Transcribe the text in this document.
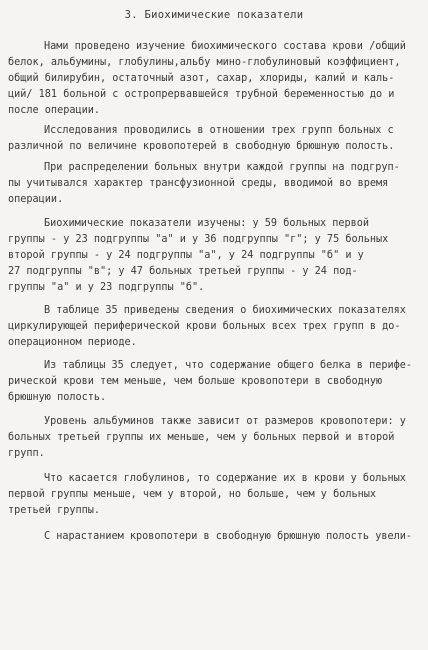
3. Биохимические показатели
Нами проведено изучение биохимического состава крови /общий
белок, альбумины, глобулины,альбу мино-глобулиновый коэффициент,
общий билирубин, остаточный азот, сахар, хлориды, калий и каль-
ций/ 181 больной с остропрервавшейся трубной беременностью до и
после операции.
Исследования проводились в отношении трех групп больных с
различной по величине кровопотерей в свободную брюшную полость.
При распределении больных внутри каждой группы на подгруп-
пы учитывался характер трансфузионной среды, вводимой во время
операции.
Биохимические показатели изучены: у 59 больных первой
группы - у 23 подгруппы "а" и у 36 подгруппы "г"; у 75 больных
второй группы - у 24 подгруппы "а", у 24 подгруппы "б" и у
27 подгруппы "в"; у 47 больных третьей группы - у 24 под-
группы "а" и у 23 подгруппы "б".
В таблице 35 приведены сведения о биохимических показателях
циркулирующей периферической крови больных всех трех групп в до-
операционном периоде.
Из таблицы 35 следует, что содержание общего белка в перифе-
рической крови тем меньше, чем больше кровопотери в свободную
брюшную полость.
Уровень альбуминов также зависит от размеров кровопотери: у
больных третьей группы их меньше, чем у больных первой и второй
групп.
Что касается глобулинов, то содержание их в крови у больных
первой группы меньше, чем у второй, но больше, чем у больных
третьей группы.
С нарастанием кровопотери в свободную брюшную полость увели-
